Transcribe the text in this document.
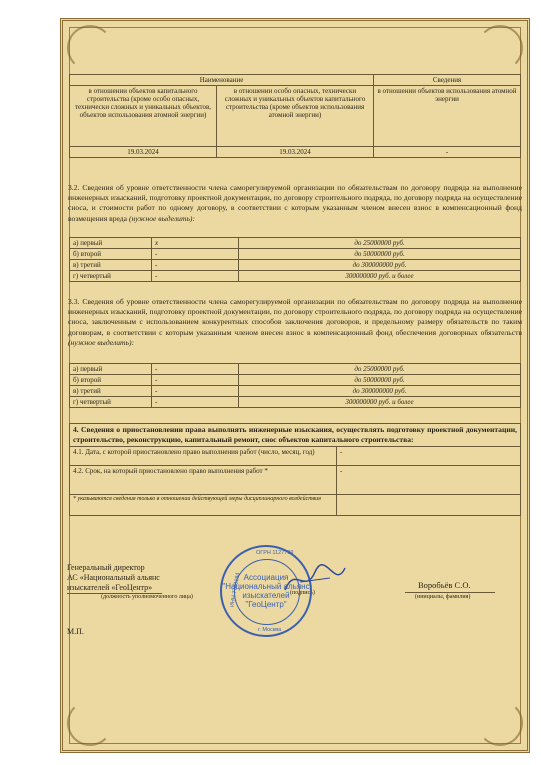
Наименование		Сведения
в отношении объектов капитального строительства (кроме особо опасных, технически сложных и уникальных объектов, объектов использования атомной энергии)	в отношении особо опасных, технически сложных и уникальных объектов капитального строительства (кроме объектов использования атомной энергии)	в отношении объектов использования атомной энергии
19.03.2024	19.03.2024	-
3.2. Сведения об уровне ответственности члена саморегулируемой организации по обязательствам по договору подряда на выполнение инженерных изысканий, подготовку проектной документации, по договору строительного подряда, по договору подряда на осуществление сноса, и стоимости работ по одному договору, в соответствии с которым указанным членом внесен взнос в компенсационный фонд возмещения вреда (нужное выделить):
а) первый	x	до 25000000 руб.
б) второй	-	до 50000000 руб.
в) третий	-	до 300000000 руб.
г) четвертый	-	300000000 руб. и более
3.3. Сведения об уровне ответственности члена саморегулируемой организации по обязательствам по договору подряда на выполнение инженерных изысканий, подготовку проектной документации, по договору строительного подряда, по договору подряда на осуществление сноса, заключенным с использованием конкурентных способов заключения договоров, и предельному размеру обязательств по таким договорам, в соответствии с которым указанным членом внесен взнос в компенсационный фонд обеспечения договорных обязательств (нужное выделить):
а) первый	-	до 25000000 руб.
б) второй	-	до 50000000 руб.
в) третий	-	до 300000000 руб.
г) четвертый	-	300000000 руб. и более
4. Сведения о приостановлении права выполнять инженерные изыскания, осуществлять подготовку проектной документации, строительство, реконструкцию, капитальный ремонт, снос объектов капитального строительства:	
4.1. Дата, с которой приостановлено право выполнения работ (число, месяц, год)	-
4.2. Срок, на который приостановлено право выполнения работ *	-
* указываются сведения только в отношении действующей меры дисциплинарного воздействия	
Генеральный директор
АС «Национальный альянс
изыскателей «ГеоЦентр»
(должность уполномоченного лица)
(подпись)
Воробьёв С.О.
(инициалы, фамилия)
М.П.
ОГРН 1127799
ИНН 7743184
г. Москва
Ассоциация "Национальный альянс изыскателей "ГеоЦентр"
